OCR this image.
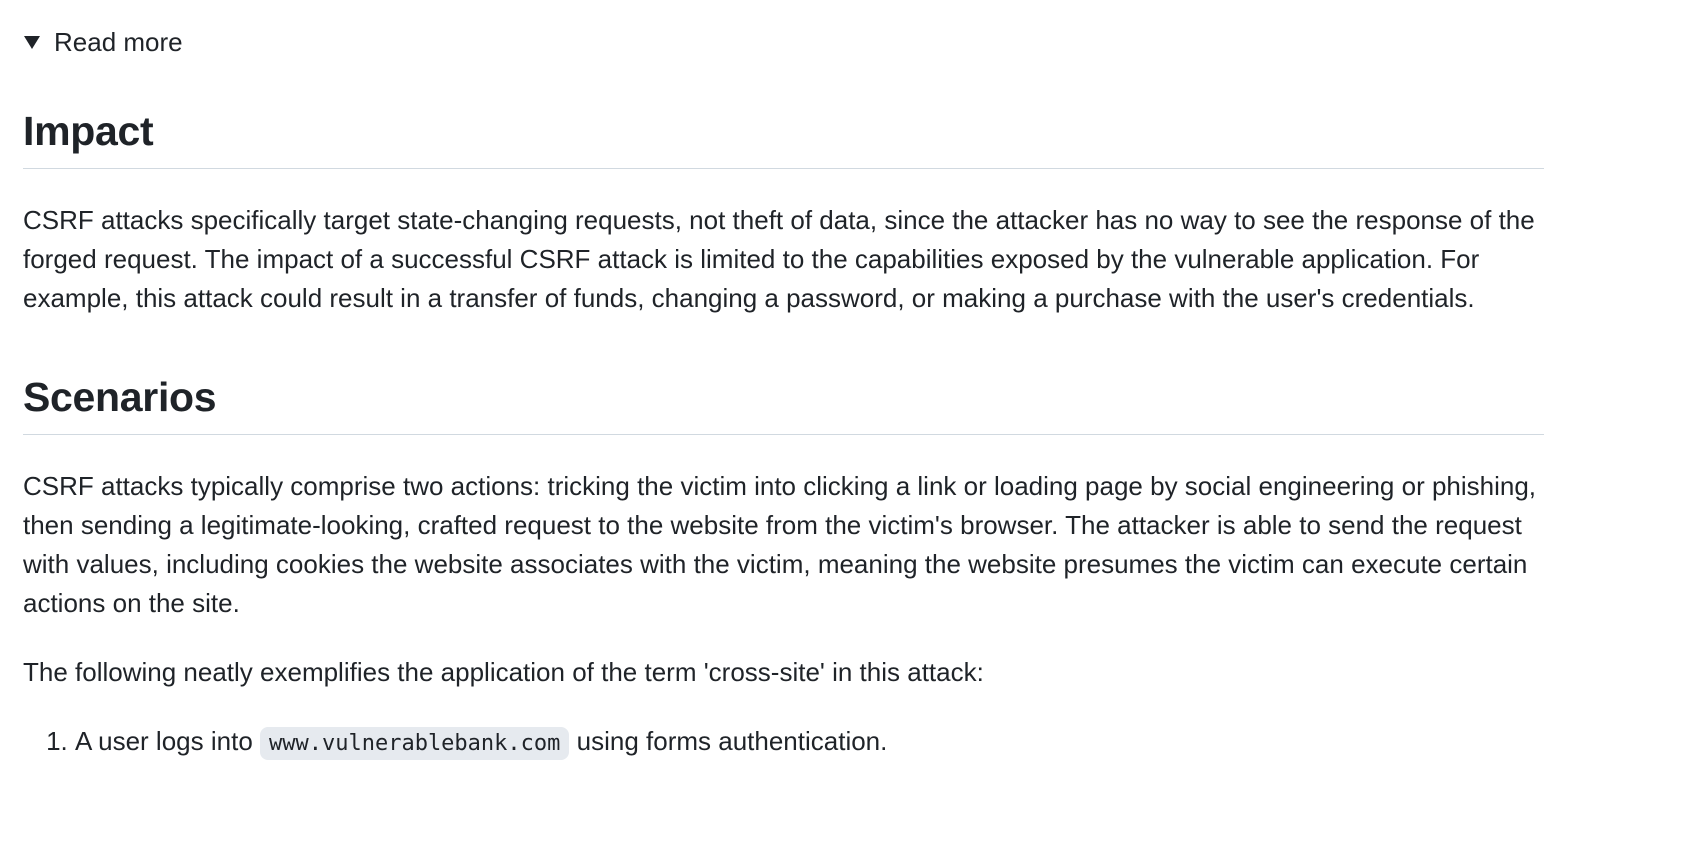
Read more
Impact

CSRF attacks specifically target state-changing requests, not theft of data, since the attacker has no way to see the response of the forged request. The impact of a successful CSRF attack is limited to the capabilities exposed by the vulnerable application. For example, this attack could result in a transfer of funds, changing a password, or making a purchase with the user's credentials.

Scenarios

CSRF attacks typically comprise two actions: tricking the victim into clicking a link or loading page by social engineering or phishing, then sending a legitimate-looking, crafted request to the website from the victim's browser. The attacker is able to send the request with values, including cookies the website associates with the victim, meaning the website presumes the victim can execute certain actions on the site.

The following neatly exemplifies the application of the term 'cross-site' in this attack:

1. A user logs into www.vulnerablebank.com using forms authentication.
